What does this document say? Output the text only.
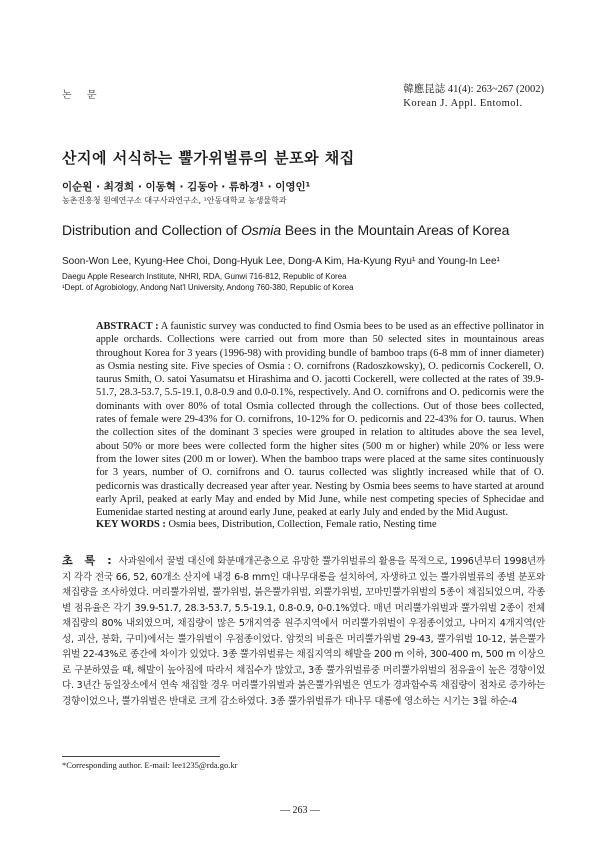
논 문
韓應昆誌 41(4): 263~267 (2002)
Korean J. Appl. Entomol.
산지에 서식하는 뿔가위벌류의 분포와 채집
이순원 · 최경희 · 이동혁 · 김동아 · 류하경¹ · 이영인¹
농촌진흥청 원예연구소 대구사과연구소, ¹안동대학교 농생물학과
Distribution and Collection of Osmia Bees in the Mountain Areas of Korea
Soon-Won Lee, Kyung-Hee Choi, Dong-Hyuk Lee, Dong-A Kim, Ha-Kyung Ryu¹ and Young-In Lee¹
Daegu Apple Research Institute, NHRI, RDA, Gunwi 716-812, Republic of Korea
¹Dept. of Agrobiology, Andong Nat'l University, Andong 760-380, Republic of Korea
ABSTRACT : A faunistic survey was conducted to find Osmia bees to be used as an effective pollinator in apple orchards. Collections were carried out from more than 50 selected sites in mountainous areas throughout Korea for 3 years (1996-98) with providing bundle of bamboo traps (6-8 mm of inner diameter) as Osmia nesting site. Five species of Osmia : O. cornifrons (Radoszkowsky), O. pedicornis Cockerell, O. taurus Smith, O. satoi Yasumatsu et Hirashima and O. jacotti Cockerell, were collected at the rates of 39.9-51.7, 28.3-53.7, 5.5-19.1, 0.8-0.9 and 0.0-0.1%, respectively. And O. cornifrons and O. pedicornis were the dominants with over 80% of total Osmia collected through the collections. Out of those bees collected, rates of female were 29-43% for O. cornifrons, 10-12% for O. pedicornis and 22-43% for O. taurus. When the collection sites of the dominant 3 species were grouped in relation to altitudes above the sea level, about 50% or more bees were collected form the higher sites (500 m or higher) while 20% or less were from the lower sites (200 m or lower). When the bamboo traps were placed at the same sites continuously for 3 years, number of O. cornifrons and O. taurus collected was slightly increased while that of O. pedicornis was drastically decreased year after year. Nesting by Osmia bees seems to have started at around early April, peaked at early May and ended by Mid June, while nest competing species of Sphecidae and Eumenidae started nesting at around early June, peaked at early July and ended by the Mid August.
KEY WORDS : Osmia bees, Distribution, Collection, Female ratio, Nesting time
초 록 : 사과원에서 꿀벌 대신에 화분매개곤충으로 유망한 뿔가위벌류의 활용을 목적으로, 1996년부터 1998년까지 각각 전국 66, 52, 60개소 산지에 내경 6-8 mm인 대나무대롱을 설치하여, 자생하고 있는 뿔가위벌류의 종별 분포와 채집량을 조사하였다. 머리뿔가위벌, 뿔가위벌, 붉은뿔가위벌, 외뿔가위벌, 꼬마민뿔가위벌의 5종이 채집되었으며, 각종별 점유율은 각기 39.9-51.7, 28.3-53.7, 5.5-19.1, 0.8-0.9, 0-0.1%였다. 매년 머리뿔가위벌과 뿔가위벌 2종이 전체 채집량의 80% 내외였으며, 채집량이 많은 5개지역중 원주지역에서 머리뿔가위벌이 우점종이었고, 나머지 4개지역(안성, 괴산, 봉화, 구미)에서는 뿔가위벌이 우점종이었다. 암컷의 비율은 머리뿔가위벌 29-43, 뿔가위벌 10-12, 붉은뿔가위벌 22-43%로 종간에 차이가 있었다. 3종 뿔가위벌류는 채집지역의 해발을 200 m 이하, 300-400 m, 500 m 이상으로 구분하였을 때, 해발이 높아짐에 따라서 채집수가 많았고, 3종 뿔가위벌류중 머리뿔가위벌의 점유율이 높은 경향이었다. 3년간 동일장소에서 연속 채집할 경우 머리뿔가위벌과 붉은뿔가위벌은 연도가 경과함수록 채집량이 점차로 증가하는 경향이었으나, 뿔가위벌은 반대로 크게 감소하였다. 3종 뿔가위벌류가 대나무 대롱에 영소하는 시기는 3월 하순-4
*Corresponding author. E-mail: lee1235@rda.go.kr
— 263 —
